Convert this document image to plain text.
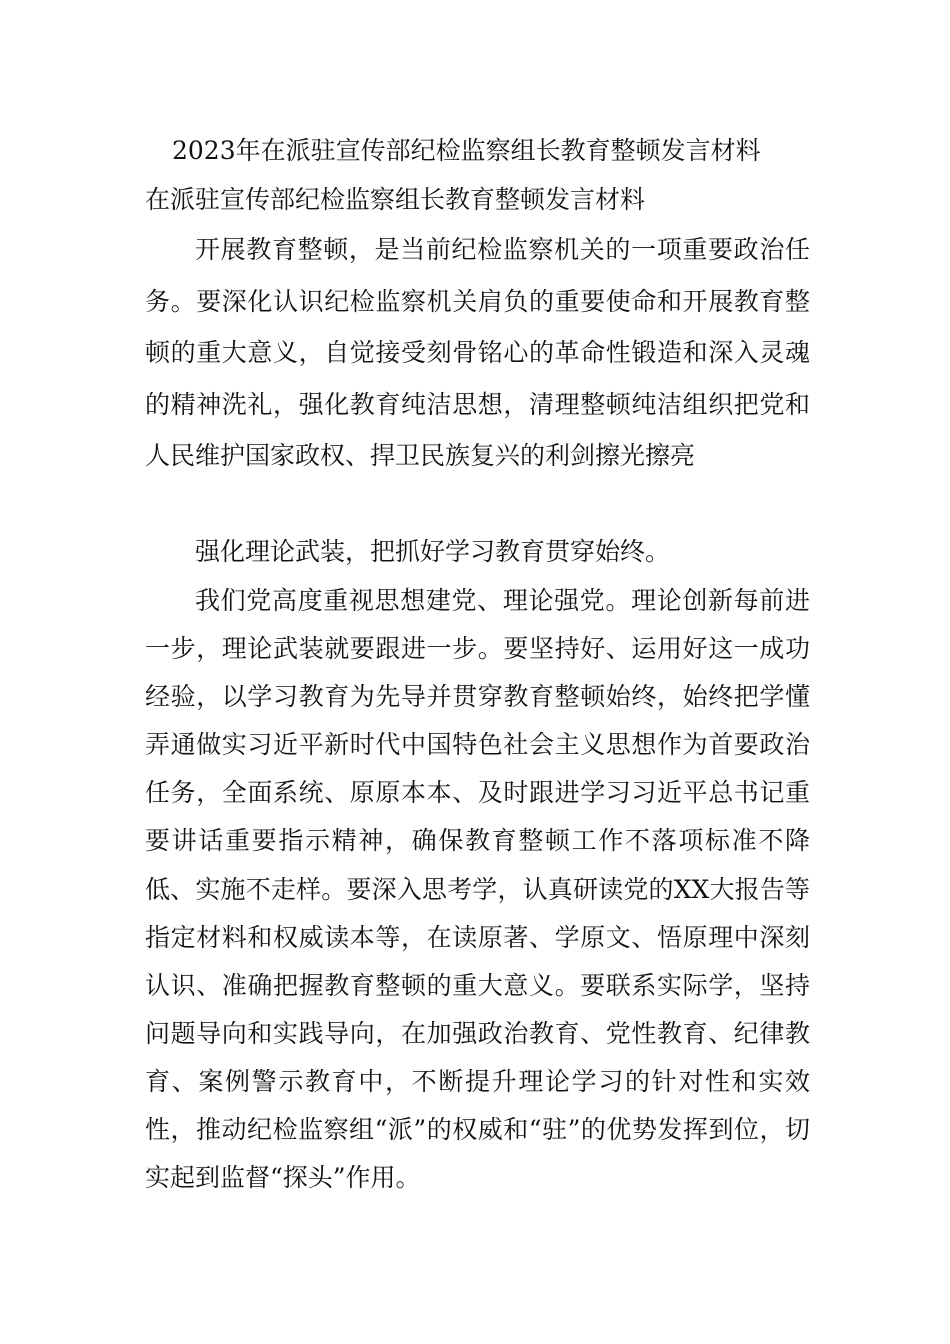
2023年在派驻宣传部纪检监察组长教育整顿发言材料
在派驻宣传部纪检监察组长教育整顿发言材料

开展教育整顿，是当前纪检监察机关的一项重要政治任务。要深化认识纪检监察机关肩负的重要使命和开展教育整顿的重大意义，自觉接受刻骨铭心的革命性锻造和深入灵魂的精神洗礼，强化教育纯洁思想，清理整顿纯洁组织把党和人民维护国家政权、捍卫民族复兴的利剑擦光擦亮

强化理论武装，把抓好学习教育贯穿始终。

我们党高度重视思想建党、理论强党。理论创新每前进一步，理论武装就要跟进一步。要坚持好、运用好这一成功经验，以学习教育为先导并贯穿教育整顿始终，始终把学懂弄通做实习近平新时代中国特色社会主义思想作为首要政治任务，全面系统、原原本本、及时跟进学习习近平总书记重要讲话重要指示精神，确保教育整顿工作不落项标准不降低、实施不走样。要深入思考学，认真研读党的XX大报告等指定材料和权威读本等，在读原著、学原文、悟原理中深刻认识、准确把握教育整顿的重大意义。要联系实际学，坚持问题导向和实践导向，在加强政治教育、党性教育、纪律教育、案例警示教育中，不断提升理论学习的针对性和实效性，推动纪检监察组“派”的权威和“驻”的优势发挥到位，切实起到监督“探头”作用。
